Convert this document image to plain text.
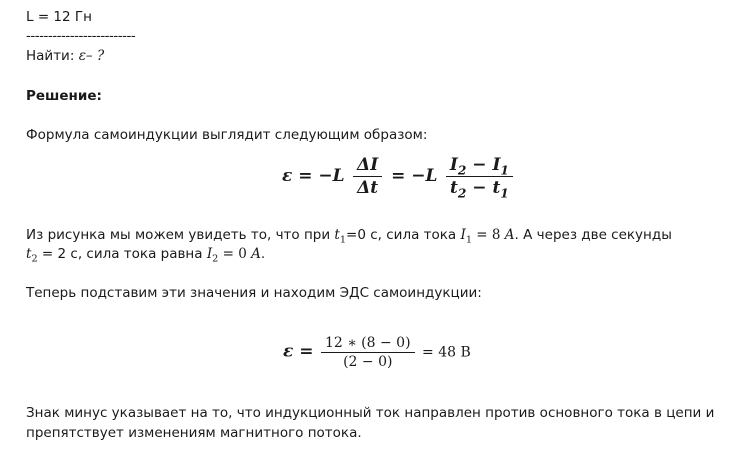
L = 12 Гн
-------------------------
Найти: ε– ?
Решение:
Формула самоиндукции выглядит следующим образом:
$\varepsilon = -L \frac{\Delta I}{\Delta t} = -L \frac{I_2 - I_1}{t_2 - t_1}$
Из рисунка мы можем увидеть то, что при $t_1=0$ с, сила тока $I_1 = 8$ A. А через две секунды
$t_2 = 2$ с, сила тока равна $I_2 = 0$ A.
Теперь подставим эти значения и находим ЭДС самоиндукции:
$\varepsilon = \frac{12 ∗ (8 - 0)}{(2 - 0)} = 48$ В
Знак минус указывает на то, что индукционный ток направлен против основного тока в цепи и
препятствует изменениям магнитного потока.
